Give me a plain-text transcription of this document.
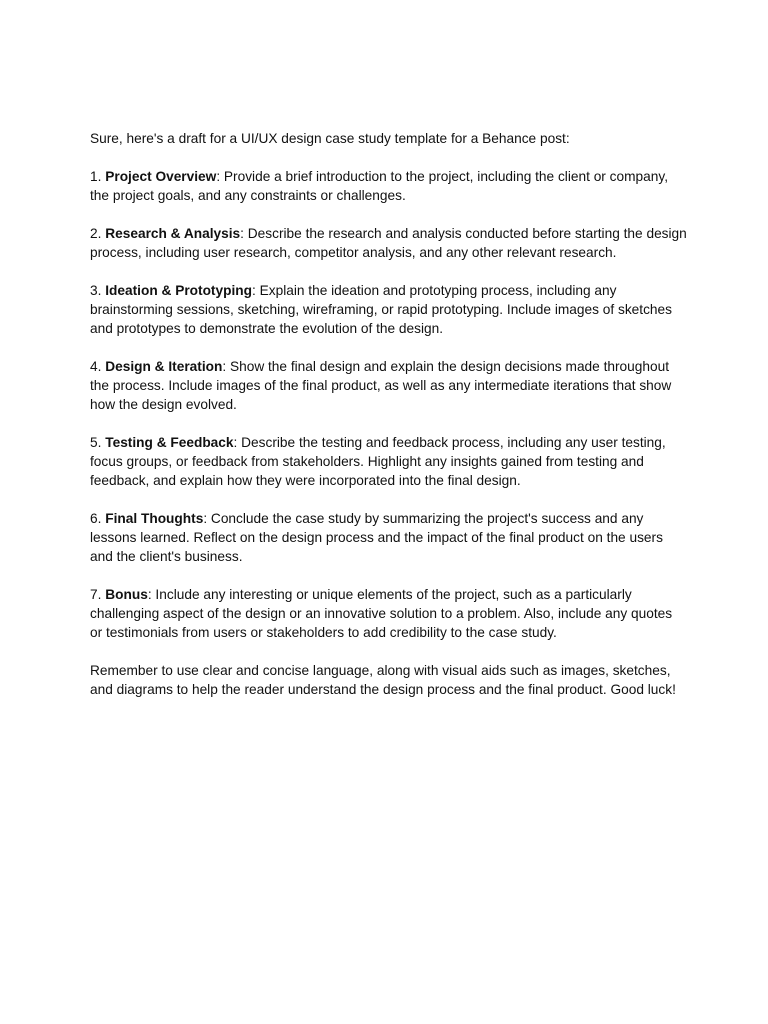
Sure, here's a draft for a UI/UX design case study template for a Behance post:

1. Project Overview: Provide a brief introduction to the project, including the client or company, the project goals, and any constraints or challenges.

2. Research & Analysis: Describe the research and analysis conducted before starting the design process, including user research, competitor analysis, and any other relevant research.

3. Ideation & Prototyping: Explain the ideation and prototyping process, including any brainstorming sessions, sketching, wireframing, or rapid prototyping. Include images of sketches and prototypes to demonstrate the evolution of the design.

4. Design & Iteration: Show the final design and explain the design decisions made throughout the process. Include images of the final product, as well as any intermediate iterations that show how the design evolved.

5. Testing & Feedback: Describe the testing and feedback process, including any user testing, focus groups, or feedback from stakeholders. Highlight any insights gained from testing and feedback, and explain how they were incorporated into the final design.

6. Final Thoughts: Conclude the case study by summarizing the project's success and any lessons learned. Reflect on the design process and the impact of the final product on the users and the client's business.

7. Bonus: Include any interesting or unique elements of the project, such as a particularly challenging aspect of the design or an innovative solution to a problem. Also, include any quotes or testimonials from users or stakeholders to add credibility to the case study.

Remember to use clear and concise language, along with visual aids such as images, sketches, and diagrams to help the reader understand the design process and the final product. Good luck!
